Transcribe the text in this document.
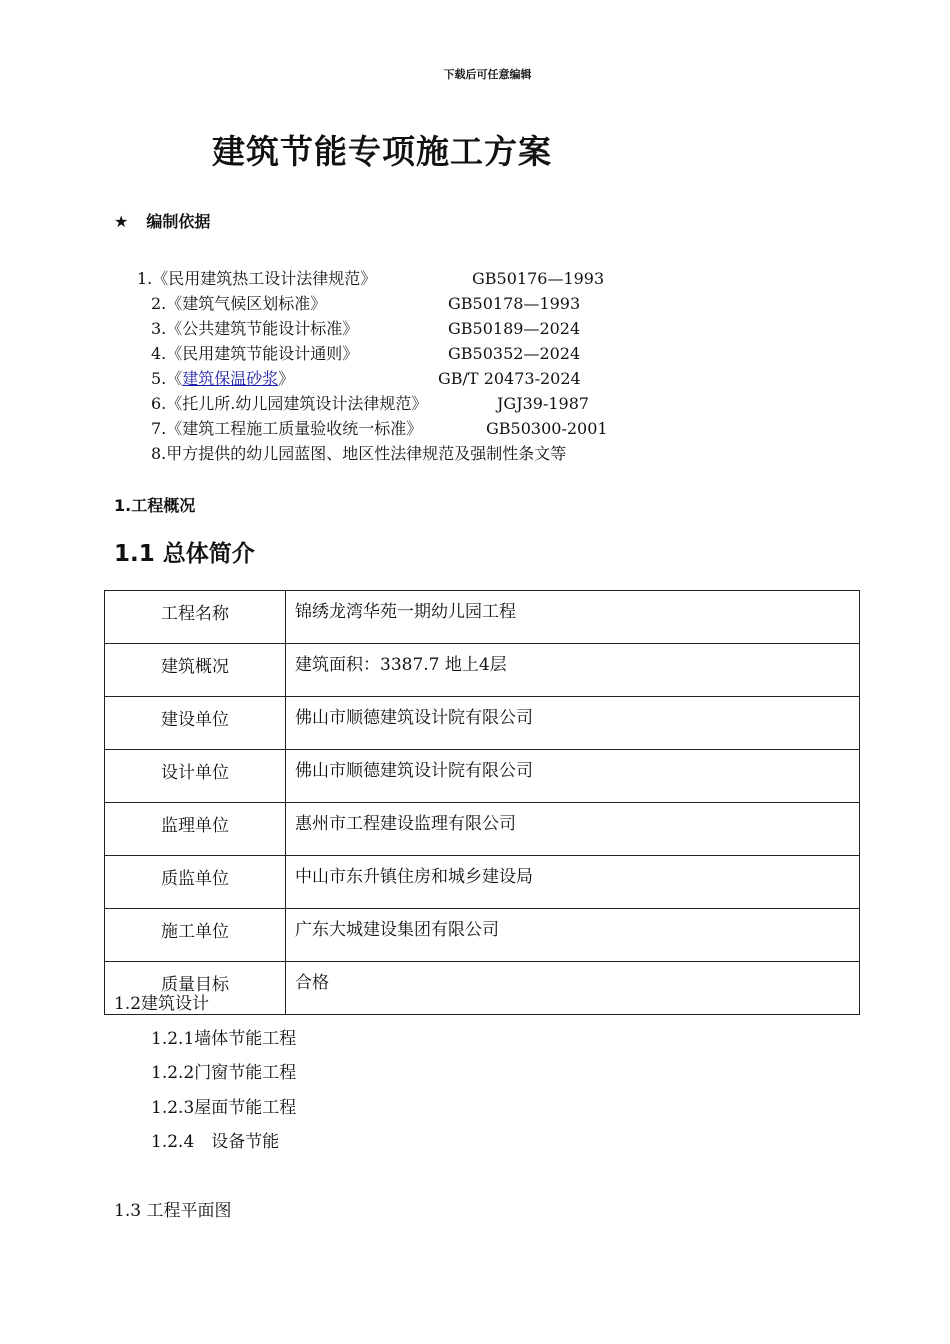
下载后可任意编辑
建筑节能专项施工方案
★ 编制依据
1.《民用建筑热工设计法律规范》	GB50176—1993
2.《建筑气候区划标准》	GB50178—1993
3.《公共建筑节能设计标准》	GB50189—2024
4.《民用建筑节能设计通则》	GB50352—2024
5.《建筑保温砂浆》	GB/T 20473-2024
6.《托儿所.幼儿园建筑设计法律规范》	JGJ39-1987
7.《建筑工程施工质量验收统一标准》	GB50300-2001
8.甲方提供的幼儿园蓝图、地区性法律规范及强制性条文等
1.工程概况
1.1 总体简介
工程名称	锦绣龙湾华苑一期幼儿园工程
建筑概况	建筑面积：3387.7 地上4层
建设单位	佛山市顺德建筑设计院有限公司
设计单位	佛山市顺德建筑设计院有限公司
监理单位	惠州市工程建设监理有限公司
质监单位	中山市东升镇住房和城乡建设局
施工单位	广东大城建设集团有限公司
质量目标	合格
1.2建筑设计
1.2.1墙体节能工程
1.2.2门窗节能工程
1.2.3屋面节能工程
1.2.4　设备节能
1.3 工程平面图
